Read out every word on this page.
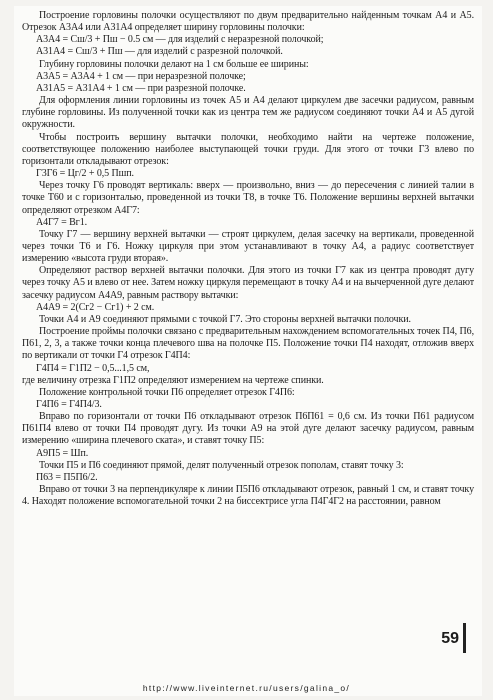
Построение горловины полочки осуществляют по двум предварительно найденным точкам А4 и А5. Отрезок А3А4 или А31А4 определяет ширину горловины полочки:

А3А4 = Сш/3 + Пш − 0.5 см — для изделий с неразрезной полочкой;

А31А4 = Сш/3 + Пш — для изделий с разрезной полочкой.

Глубину горловины полочки делают на 1 см больше ее ширины:

А3А5 = А3А4 + 1 см — при неразрезной полочке;

А31А5 = А31А4 + 1 см — при разрезной полочке.

Для оформления линии горловины из точек А5 и А4 делают циркулем две засечки радиусом, равным глубине горловины. Из полученной точки как из центра тем же радиусом соединяют точки А4 и А5 дугой окружности.

Чтобы построить вершину вытачки полочки, необходимо найти на чертеже положение, соответствующее положению наиболее выступающей точки груди. Для этого от точки Г3 влево по горизонтали откладывают отрезок:

Г3Г6 = Цг/2 + 0,5 Пшп.

Через точку Г6 проводят вертикаль: вверх — произвольно, вниз — до пересечения с линией талии в точке Т60 и с горизонталью, проведенной из точки Т8, в точке Т6. Положение вершины верхней вытачки определяют отрезком А4Г7:

А4Г7 = Вг1.

Точку Г7 — вершину верхней вытачки — строят циркулем, делая засечку на вертикали, проведенной через точки Т6 и Г6. Ножку циркуля при этом устанавливают в точку А4, а радиус соответствует измерению «высота груди вторая».

Определяют раствор верхней вытачки полочки. Для этого из точки Г7 как из центра проводят дугу через точку А5 и влево от нее. Затем ножку циркуля перемещают в точку А4 и на вычерченной дуге делают засечку радиусом А4А9, равным раствору вытачки:

А4А9 = 2(Сг2 − Сг1) + 2 см.

Точки А4 и А9 соединяют прямыми с точкой Г7. Это стороны верхней вытачки полочки.

Построение проймы полочки связано с предварительным нахождением вспомогательных точек П4, П6, П61, 2, 3, а также точки конца плечевого шва на полочке П5. Положение точки П4 находят, отложив вверх по вертикали от точки Г4 отрезок Г4П4:

Г4П4 = Г1П2 − 0,5...1,5 см,

где величину отрезка Г1П2 определяют измерением на чертеже спинки.

Положение контрольной точки П6 определяет отрезок Г4П6:

Г4П6 = Г4П4/3.

Вправо по горизонтали от точки П6 откладывают отрезок П6П61 = 0,6 см. Из точки П61 радиусом П61П4 влево от точки П4 проводят дугу. Из точки А9 на этой дуге делают засечку радиусом, равным измерению «ширина плечевого ската», и ставят точку П5:

А9П5 = Шп.

Точки П5 и П6 соединяют прямой, делят полученный отрезок пополам, ставят точку 3:

П63 = П5П6/2.

Вправо от точки 3 на перпендикуляре к линии П5П6 откладывают отрезок, равный 1 см, и ставят точку 4. Находят положение вспомогательной точки 2 на биссектрисе угла П4Г4Г2 на расстоянии, равном

59
http://www.liveinternet.ru/users/galina_o/
